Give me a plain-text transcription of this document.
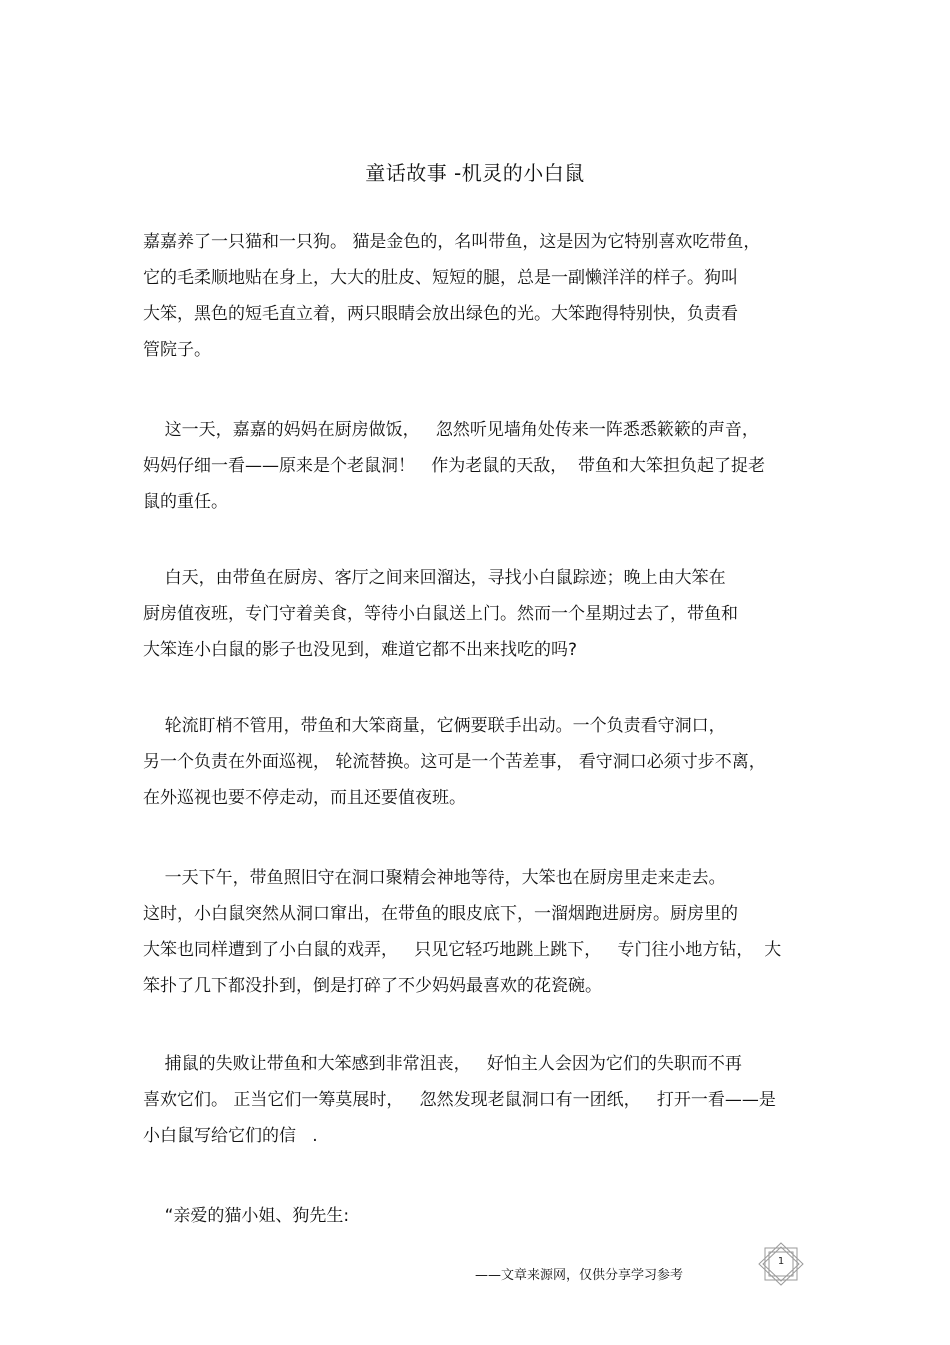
童话故事 -机灵的小白鼠
嘉嘉养了一只猫和一只狗。 猫是金色的，名叫带鱼，这是因为它特别喜欢吃带鱼，
它的毛柔顺地贴在身上，大大的肚皮、短短的腿，总是一副懒洋洋的样子。狗叫
大笨，黑色的短毛直立着，两只眼睛会放出绿色的光。大笨跑得特别快，负责看
管院子。
这一天，嘉嘉的妈妈在厨房做饭，   忽然听见墙角处传来一阵悉悉簌簌的声音，
妈妈仔细一看——原来是个老鼠洞！   作为老鼠的天敌，  带鱼和大笨担负起了捉老
鼠的重任。
白天，由带鱼在厨房、客厅之间来回溜达，寻找小白鼠踪迹；晚上由大笨在
厨房值夜班，专门守着美食，等待小白鼠送上门。然而一个星期过去了，带鱼和
大笨连小白鼠的影子也没见到，难道它都不出来找吃的吗?
轮流盯梢不管用，带鱼和大笨商量，它俩要联手出动。一个负责看守洞口，
另一个负责在外面巡视， 轮流替换。这可是一个苦差事， 看守洞口必须寸步不离，
在外巡视也要不停走动，而且还要值夜班。
一天下午，带鱼照旧守在洞口聚精会神地等待，大笨也在厨房里走来走去。
这时，小白鼠突然从洞口窜出，在带鱼的眼皮底下，一溜烟跑进厨房。厨房里的
大笨也同样遭到了小白鼠的戏弄，   只见它轻巧地跳上跳下，   专门往小地方钻，  大
笨扑了几下都没扑到，倒是打碎了不少妈妈最喜欢的花瓷碗。
捕鼠的失败让带鱼和大笨感到非常沮丧，   好怕主人会因为它们的失职而不再
喜欢它们。 正当它们一筹莫展时，   忽然发现老鼠洞口有一团纸，   打开一看——是
小白鼠写给它们的信   .
“亲爱的猫小姐、狗先生:
——文章来源网，仅供分享学习参考
1
